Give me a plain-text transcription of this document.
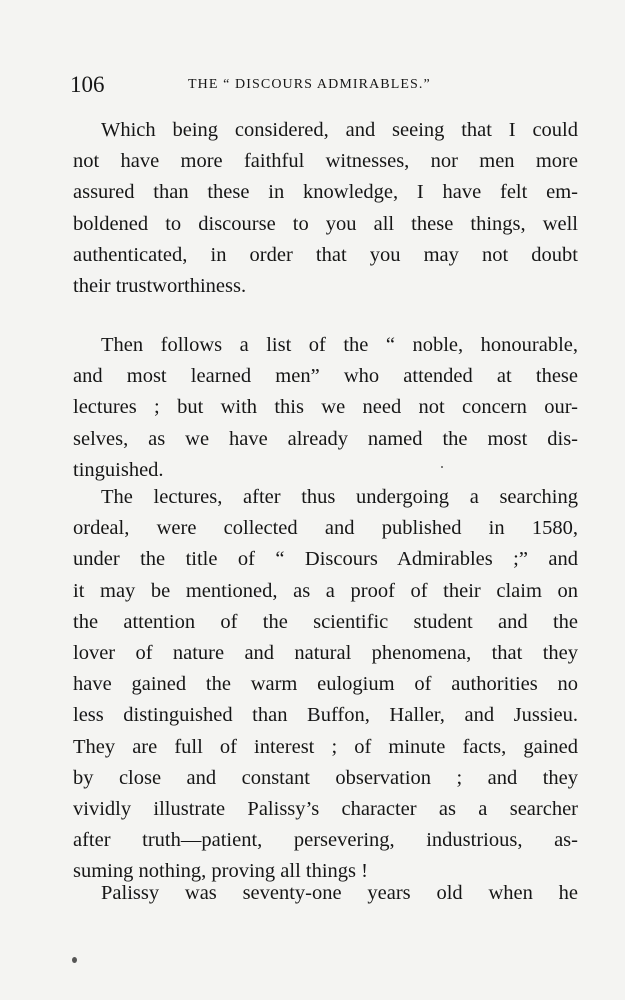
106	THE “ DISCOURS ADMIRABLES.”
Which being considered, and seeing that I could
not have more faithful witnesses, nor men more
assured than these in knowledge, I have felt em-
boldened to discourse to you all these things, well
authenticated, in order that you may not doubt
their trustworthiness.
Then follows a list of the “ noble, honourable,
and most learned men” who attended at these
lectures ; but with this we need not concern our-
selves, as we have already named the most dis-
tinguished.
The lectures, after thus undergoing a searching
ordeal, were collected and published in 1580,
under the title of “ Discours Admirables ;” and
it may be mentioned, as a proof of their claim on
the attention of the scientific student and the
lover of nature and natural phenomena, that they
have gained the warm eulogium of authorities no
less distinguished than Buffon, Haller, and Jussieu.
They are full of interest ; of minute facts, gained
by close and constant observation ; and they
vividly illustrate Palissy’s character as a searcher
after truth—patient, persevering, industrious, as-
suming nothing, proving all things !
Palissy was seventy-one years old when he
